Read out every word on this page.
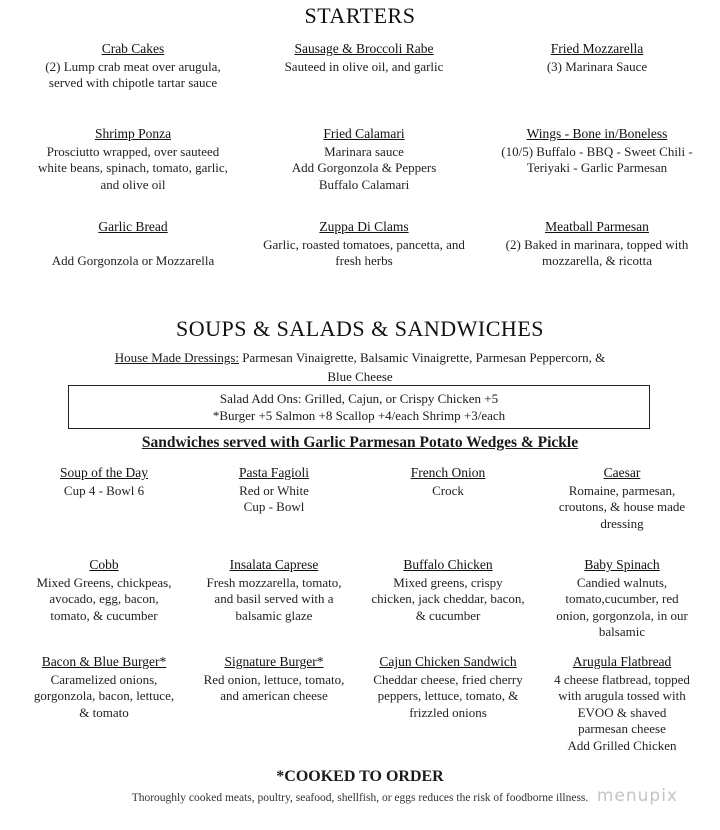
STARTERS
Crab Cakes
(2) Lump crab meat over arugula,
served with chipotle tartar sauce
Sausage & Broccoli Rabe
Sauteed in olive oil, and garlic
Fried Mozzarella
(3) Marinara Sauce
Shrimp Ponza
Prosciutto wrapped, over sauteed
white beans, spinach, tomato, garlic,
and olive oil
Fried Calamari
Marinara sauce
Add Gorgonzola & Peppers
Buffalo Calamari
Wings - Bone in/Boneless
(10/5) Buffalo - BBQ - Sweet Chili -
Teriyaki - Garlic Parmesan
Garlic Bread

Add Gorgonzola or Mozzarella
Zuppa Di Clams
Garlic, roasted tomatoes, pancetta, and
fresh herbs
Meatball Parmesan
(2) Baked in marinara, topped with
mozzarella, & ricotta
SOUPS & SALADS & SANDWICHES
House Made Dressings: Parmesan Vinaigrette, Balsamic Vinaigrette, Parmesan Peppercorn, &
Blue Cheese
Salad Add Ons: Grilled, Cajun, or Crispy Chicken +5
*Burger +5 Salmon +8 Scallop +4/each Shrimp +3/each
Sandwiches served with Garlic Parmesan Potato Wedges & Pickle
Soup of the Day
Cup 4 - Bowl 6
Pasta Fagioli
Red or White
Cup - Bowl
French Onion
Crock
Caesar
Romaine, parmesan,
croutons, & house made
dressing
Cobb
Mixed Greens, chickpeas,
avocado, egg, bacon,
tomato, & cucumber
Insalata Caprese
Fresh mozzarella, tomato,
and basil served with a
balsamic glaze
Buffalo Chicken
Mixed greens, crispy
chicken, jack cheddar, bacon,
& cucumber
Baby Spinach
Candied walnuts,
tomato,cucumber, red
onion, gorgonzola, in our
balsamic
Bacon & Blue Burger*
Caramelized onions,
gorgonzola, bacon, lettuce,
& tomato
Signature Burger*
Red onion, lettuce, tomato,
and american cheese
Cajun Chicken Sandwich
Cheddar cheese, fried cherry
peppers, lettuce, tomato, &
frizzled onions
Arugula Flatbread
4 cheese flatbread, topped
with arugula tossed with
EVOO & shaved
parmesan cheese
Add Grilled Chicken
*COOKED TO ORDER
Thoroughly cooked meats, poultry, seafood, shellfish, or eggs reduces the risk of foodborne illness. menupix
